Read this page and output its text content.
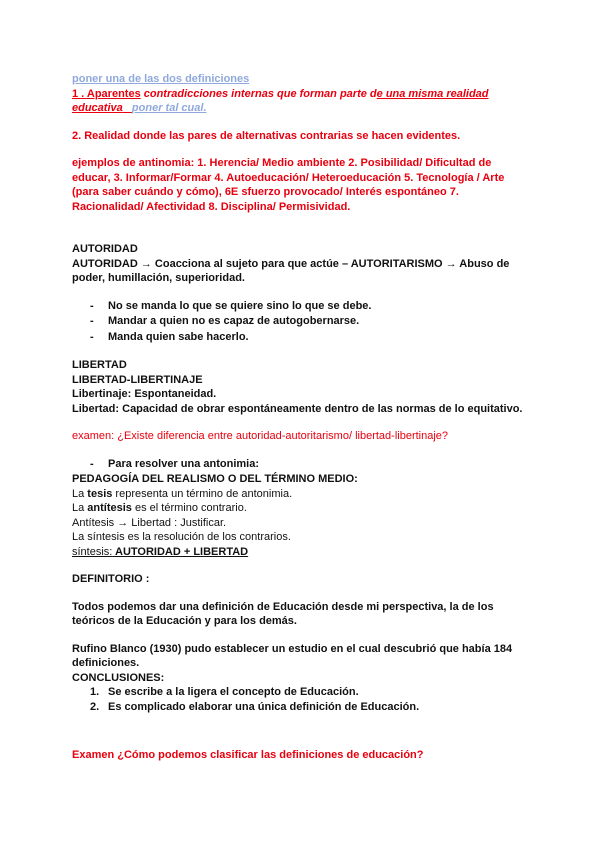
poner una de las dos definiciones

1 . Aparentes contradicciones internas que forman parte de una misma realidad educativa poner tal cual.

2. Realidad donde las pares de alternativas contrarias se hacen evidentes.

ejemplos de antinomia: 1. Herencia/ Medio ambiente 2. Posibilidad/ Dificultad de educar, 3. Informar/Formar 4. Autoeducación/ Heteroeducación 5. Tecnología / Arte (para saber cuándo y cómo), 6E sfuerzo provocado/ Interés espontáneo 7. Racionalidad/ Afectividad 8. Disciplina/ Permisividad.

AUTORIDAD

AUTORIDAD → Coacciona al sujeto para que actúe – AUTORITARISMO → Abuso de poder, humillación, superioridad.

- No se manda lo que se quiere sino lo que se debe.
- Mandar a quien no es capaz de autogobernarse.
- Manda quien sabe hacerlo.

LIBERTAD

LIBERTAD-LIBERTINAJE

Libertinaje: Espontaneidad.

Libertad: Capacidad de obrar espontáneamente dentro de las normas de lo equitativo.

examen: ¿Existe diferencia entre autoridad-autoritarismo/ libertad-libertinaje?

- Para resolver una antonimia:

PEDAGOGÍA DEL REALISMO O DEL TÉRMINO MEDIO:

La tesis representa un término de antonimia.

La antítesis es el término contrario.

Antítesis → Libertad : Justificar.

La síntesis es la resolución de los contrarios.

síntesis: AUTORIDAD + LIBERTAD

DEFINITORIO :

Todos podemos dar una definición de Educación desde mi perspectiva, la de los teóricos de la Educación y para los demás.

Rufino Blanco (1930) pudo establecer un estudio en el cual descubrió que había 184 definiciones.

CONCLUSIONES:

1. Se escribe a la ligera el concepto de Educación.
2. Es complicado elaborar una única definición de Educación.

Examen ¿Cómo podemos clasificar las definiciones de educación?
